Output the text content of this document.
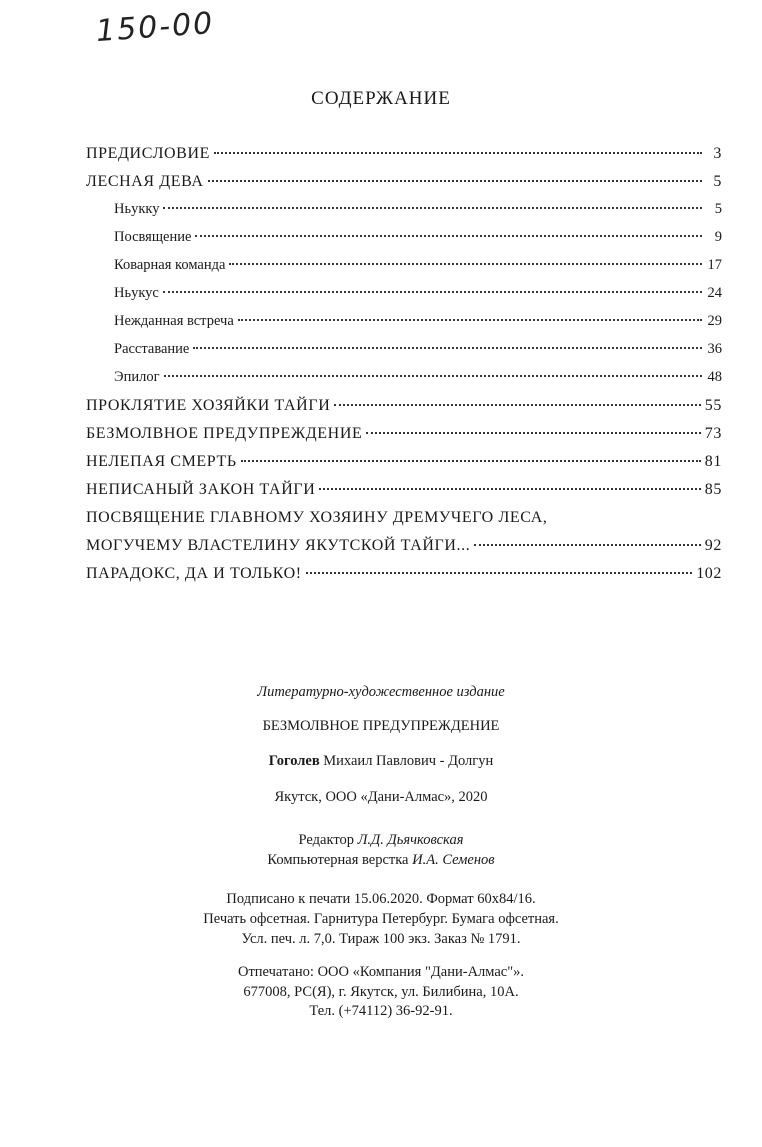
150-00
СОДЕРЖАНИЕ
ПРЕДИСЛОВИЕ	3
ЛЕСНАЯ ДЕВА	5
Ньукку	5
Посвящение	9
Коварная команда	17
Ньукус	24
Нежданная встреча	29
Расставание	36
Эпилог	48
ПРОКЛЯТИЕ ХОЗЯЙКИ ТАЙГИ	55
БЕЗМОЛВНОЕ ПРЕДУПРЕЖДЕНИЕ	73
НЕЛЕПАЯ СМЕРТЬ	81
НЕПИСАНЫЙ ЗАКОН ТАЙГИ	85
ПОСВЯЩЕНИЕ ГЛАВНОМУ ХОЗЯИНУ ДРЕМУЧЕГО ЛЕСА,
МОГУЧЕМУ ВЛАСТЕЛИНУ ЯКУТСКОЙ ТАЙГИ...	92
ПАРАДОКС, ДА И ТОЛЬКО!	102
Литературно-художественное издание
БЕЗМОЛВНОЕ ПРЕДУПРЕЖДЕНИЕ
Гоголев Михаил Павлович - Долгун
Якутск, ООО «Дани-Алмас», 2020
Редактор Л.Д. Дьячковская
Компьютерная верстка И.А. Семенов
Подписано к печати 15.06.2020. Формат 60х84/16.
Печать офсетная. Гарнитура Петербург. Бумага офсетная.
Усл. печ. л. 7,0. Тираж 100 экз. Заказ № 1791.
Отпечатано: ООО «Компания "Дани-Алмас"».
677008, РС(Я), г. Якутск, ул. Билибина, 10А.
Тел. (+74112) 36-92-91.
